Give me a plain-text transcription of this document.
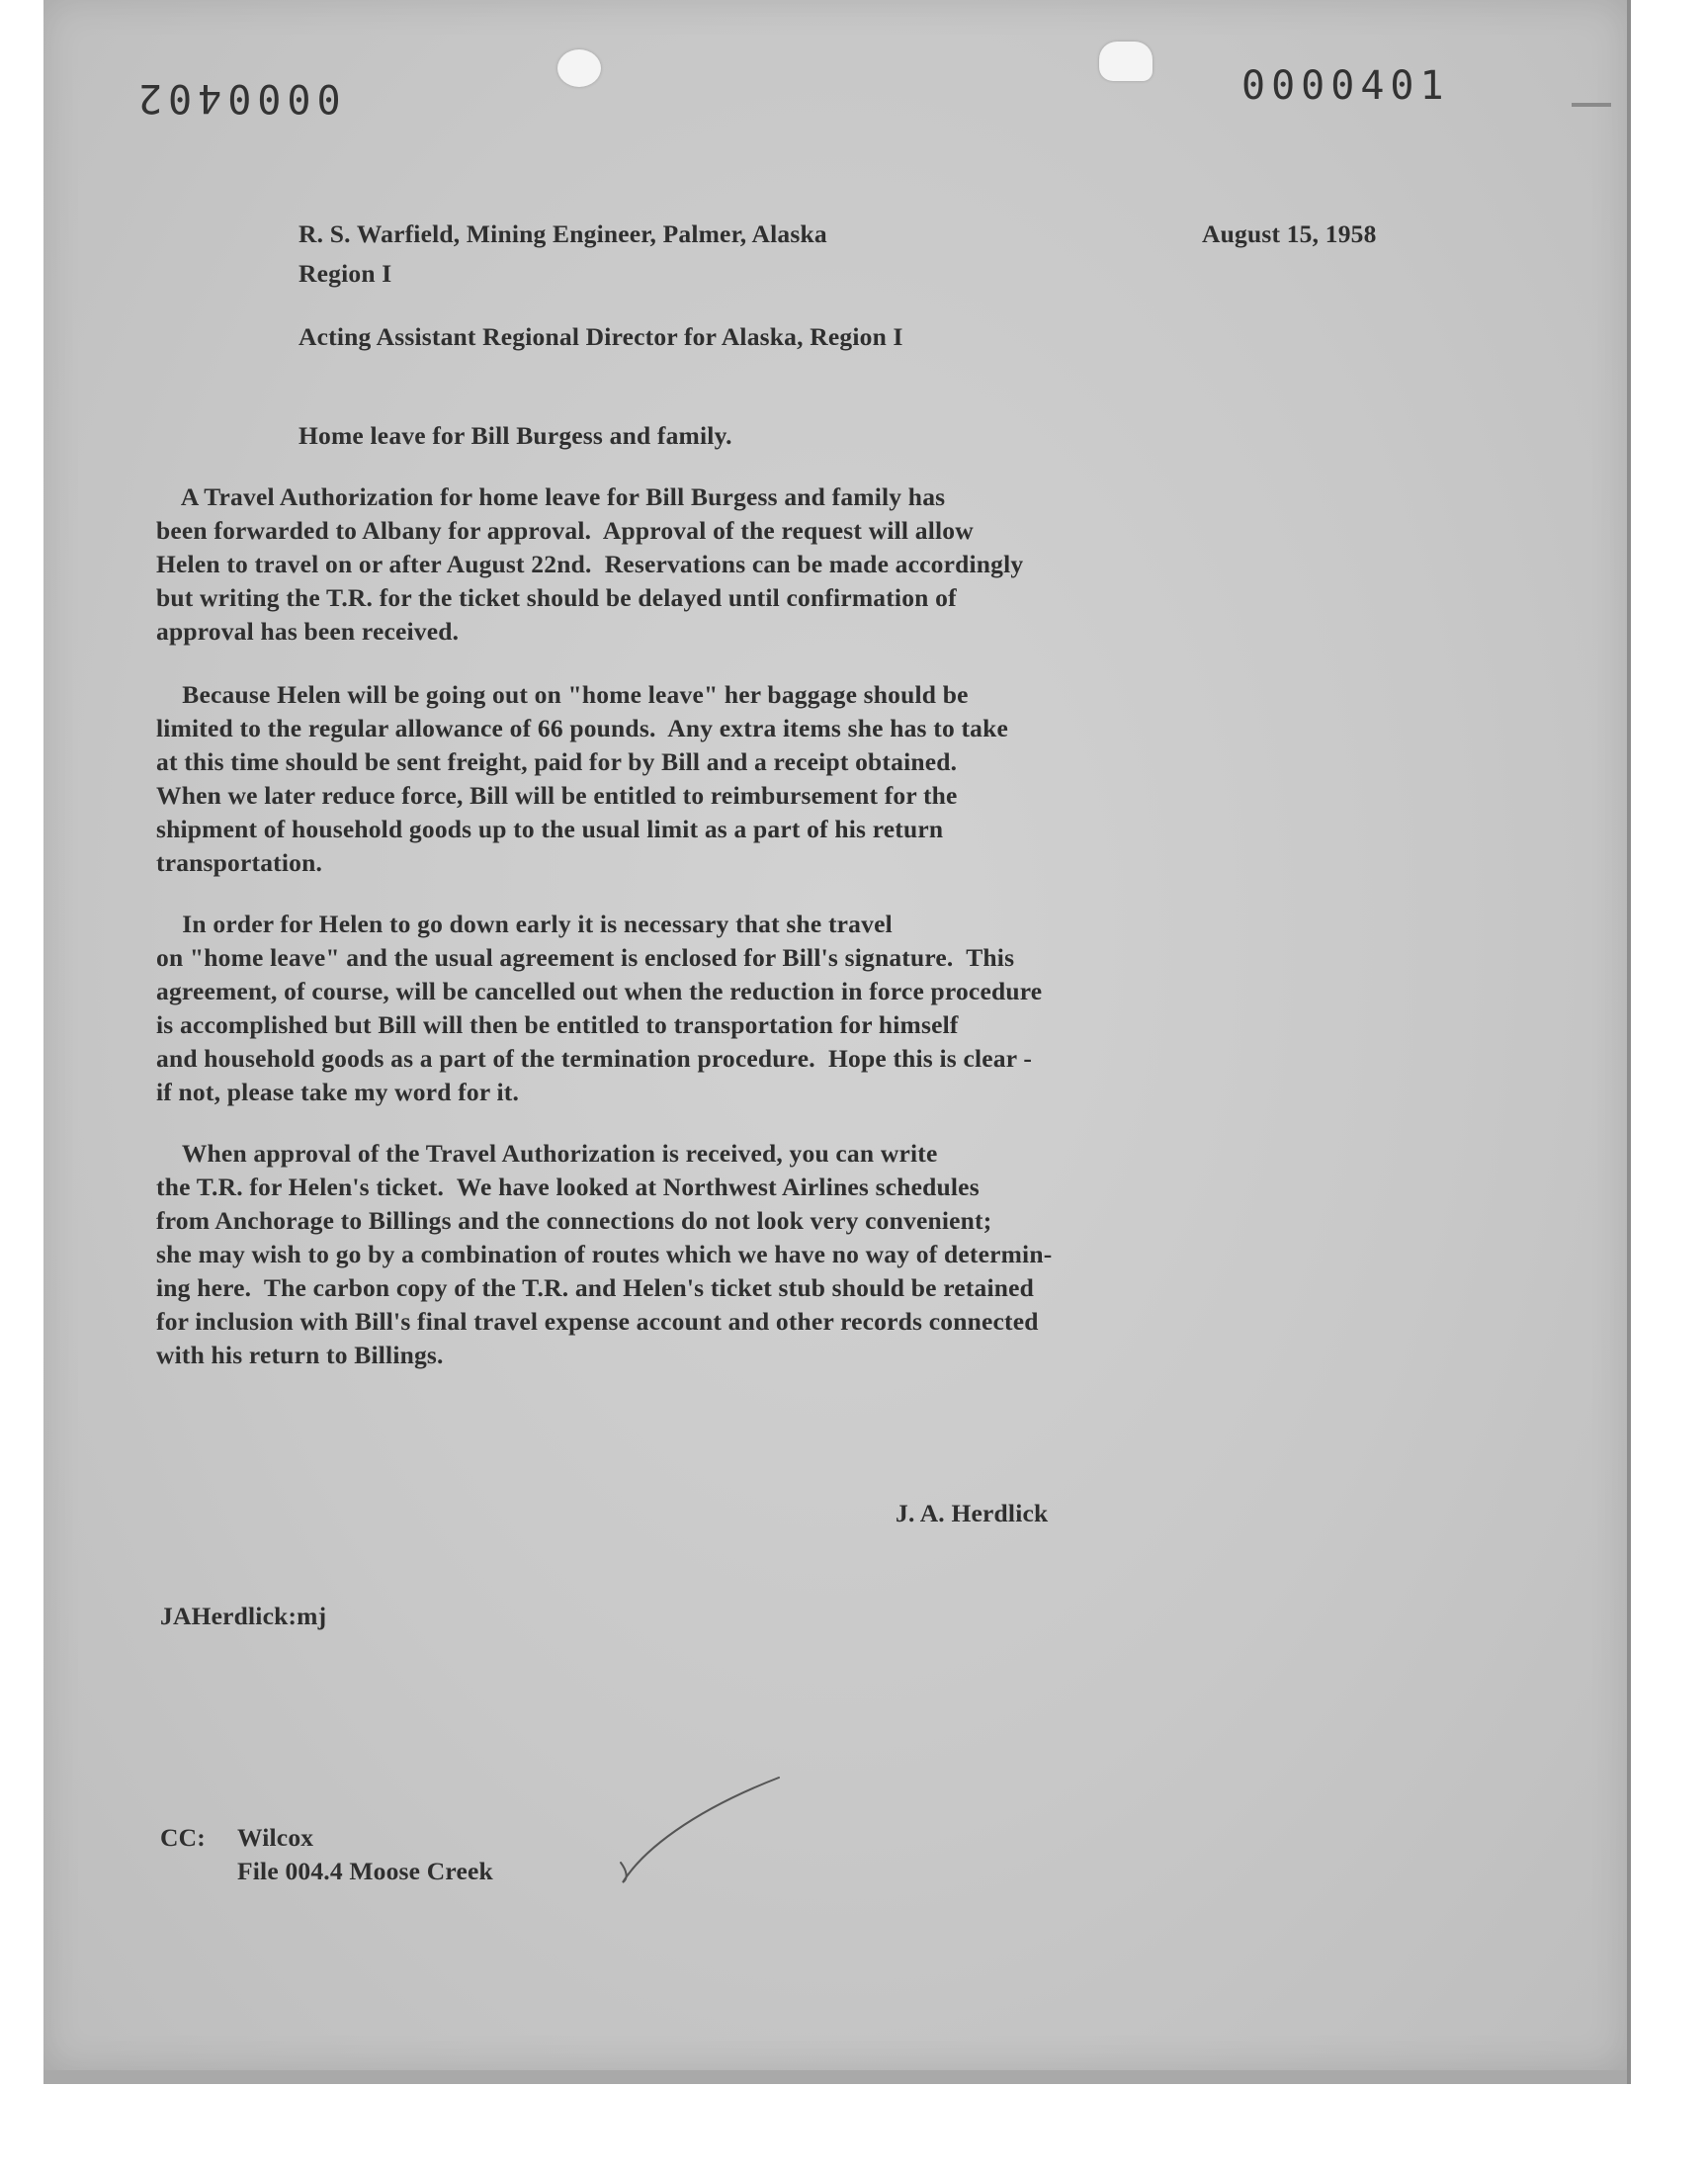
0000402	0000401
R. S. Warfield, Mining Engineer, Palmer, Alaska	August 15, 1958
Region I
Acting Assistant Regional Director for Alaska, Region I
Home leave for Bill Burgess and family.
A Travel Authorization for home leave for Bill Burgess and family has
been forwarded to Albany for approval.  Approval of the request will allow
Helen to travel on or after August 22nd.  Reservations can be made accordingly
but writing the T.R. for the ticket should be delayed until confirmation of
approval has been received.
Because Helen will be going out on "home leave" her baggage should be
limited to the regular allowance of 66 pounds.  Any extra items she has to take
at this time should be sent freight, paid for by Bill and a receipt obtained.
When we later reduce force, Bill will be entitled to reimbursement for the
shipment of household goods up to the usual limit as a part of his return
transportation.
In order for Helen to go down early it is necessary that she travel
on "home leave" and the usual agreement is enclosed for Bill's signature.  This
agreement, of course, will be cancelled out when the reduction in force procedure
is accomplished but Bill will then be entitled to transportation for himself
and household goods as a part of the termination procedure.  Hope this is clear -
if not, please take my word for it.
When approval of the Travel Authorization is received, you can write
the T.R. for Helen's ticket.  We have looked at Northwest Airlines schedules
from Anchorage to Billings and the connections do not look very convenient;
she may wish to go by a combination of routes which we have no way of determin-
ing here.  The carbon copy of the T.R. and Helen's ticket stub should be retained
for inclusion with Bill's final travel expense account and other records connected
with his return to Billings.
J. A. Herdlick
JAHerdlick:mj
CC: Wilcox
File 004.4 Moose Creek
